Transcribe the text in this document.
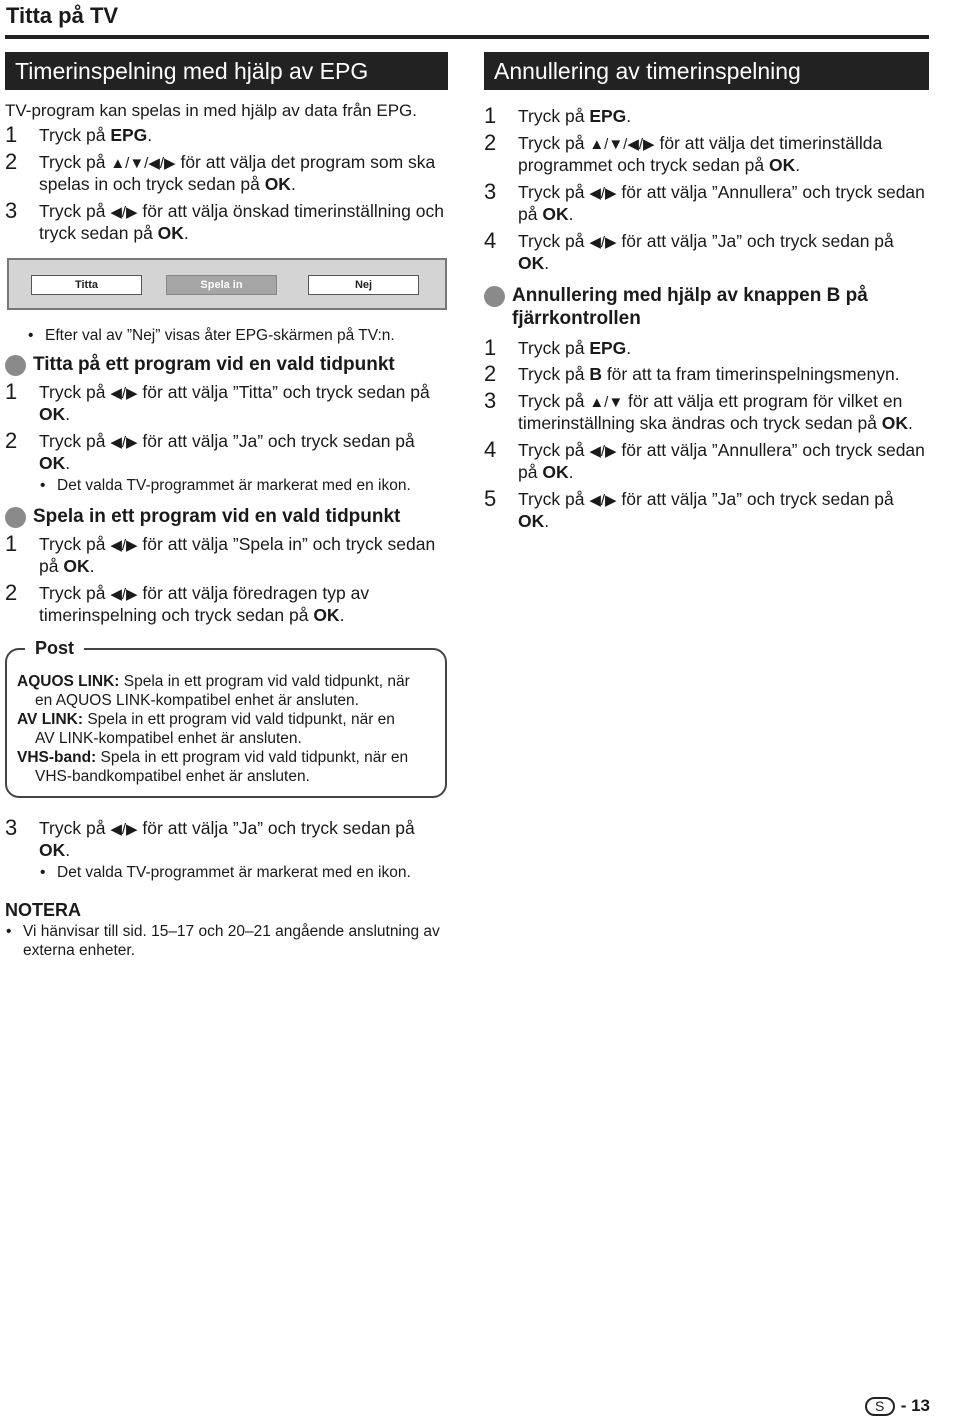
Titta på TV
Timerinspelning med hjälp av EPG
TV-program kan spelas in med hjälp av data från EPG.
1 Tryck på EPG.
2 Tryck på ▲/▼/◀/▶ för att välja det program som ska spelas in och tryck sedan på OK.
3 Tryck på ◀/▶ för att välja önskad timerinställning och tryck sedan på OK.
Titta	Spela in	Nej
• Efter val av ”Nej” visas åter EPG-skärmen på TV:n.
Titta på ett program vid en vald tidpunkt
1 Tryck på ◀/▶ för att välja ”Titta” och tryck sedan på OK.
2 Tryck på ◀/▶ för att välja ”Ja” och tryck sedan på OK.
• Det valda TV-programmet är markerat med en ikon.
Spela in ett program vid en vald tidpunkt
1 Tryck på ◀/▶ för att välja ”Spela in” och tryck sedan på OK.
2 Tryck på ◀/▶ för att välja föredragen typ av timerinspelning och tryck sedan på OK.
Post
AQUOS LINK: Spela in ett program vid vald tidpunkt, när
en AQUOS LINK-kompatibel enhet är ansluten.
AV LINK: Spela in ett program vid vald tidpunkt, när en
AV LINK-kompatibel enhet är ansluten.
VHS-band: Spela in ett program vid vald tidpunkt, när en
VHS-bandkompatibel enhet är ansluten.
3 Tryck på ◀/▶ för att välja ”Ja” och tryck sedan på OK.
• Det valda TV-programmet är markerat med en ikon.
NOTERA
• Vi hänvisar till sid. 15–17 och 20–21 angående anslutning av externa enheter.
Annullering av timerinspelning
1 Tryck på EPG.
2 Tryck på ▲/▼/◀/▶ för att välja det timerinställda programmet och tryck sedan på OK.
3 Tryck på ◀/▶ för att välja ”Annullera” och tryck sedan på OK.
4 Tryck på ◀/▶ för att välja ”Ja” och tryck sedan på OK.
Annullering med hjälp av knappen B på fjärrkontrollen
1 Tryck på EPG.
2 Tryck på B för att ta fram timerinspelningsmenyn.
3 Tryck på ▲/▼ för att välja ett program för vilket en timerinställning ska ändras och tryck sedan på OK.
4 Tryck på ◀/▶ för att välja ”Annullera” och tryck sedan på OK.
5 Tryck på ◀/▶ för att välja ”Ja” och tryck sedan på OK.
S - 13
